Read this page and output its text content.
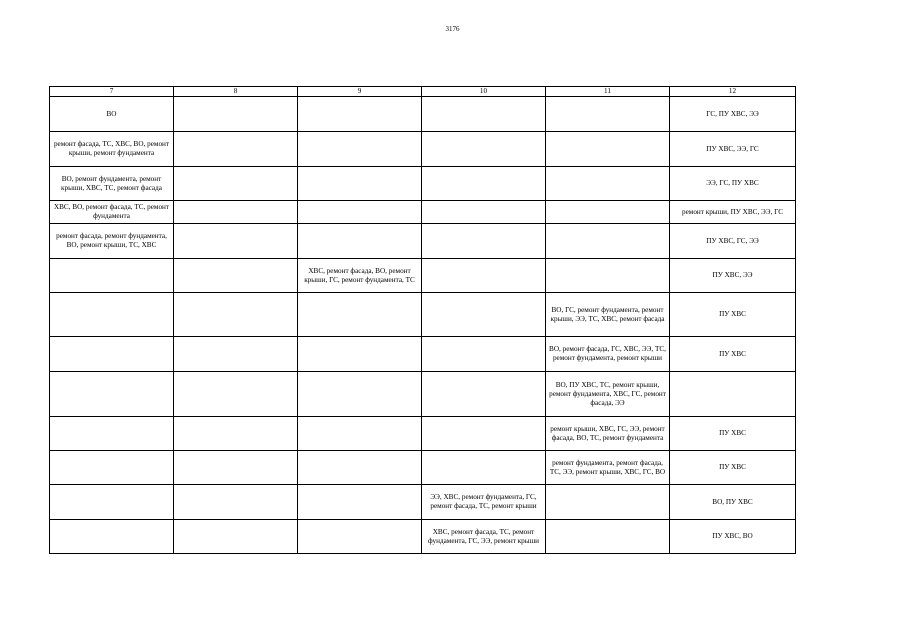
3176
7	8	9	10	11	12
ВО					ГС, ПУ ХВС, ЭЭ
ремонт фасада, ТС, ХВС, ВО, ремонт крыши, ремонт фундамента					ПУ ХВС, ЭЭ, ГС
ВО, ремонт фундамента, ремонт крыши, ХВС, ТС, ремонт фасада					ЭЭ, ГС, ПУ ХВС
ХВС, ВО, ремонт фасада, ТС, ремонт фундамента					ремонт крыши, ПУ ХВС, ЭЭ, ГС
ремонт фасада, ремонт фундамента, ВО, ремонт крыши, ТС, ХВС					ПУ ХВС, ГС, ЭЭ
		ХВС, ремонт фасада, ВО, ремонт крыши, ГС, ремонт фундамента, ТС			ПУ ХВС, ЭЭ
				ВО, ГС, ремонт фундамента, ремонт крыши, ЭЭ, ТС, ХВС, ремонт фасада	ПУ ХВС
				ВО, ремонт фасада, ГС, ХВС, ЭЭ, ТС, ремонт фундамента, ремонт крыши	ПУ ХВС
				ВО, ПУ ХВС, ТС, ремонт крыши, ремонт фундамента, ХВС, ГС, ремонт фасада, ЭЭ	
				ремонт крыши, ХВС, ГС, ЭЭ, ремонт фасада, ВО, ТС, ремонт фундамента	ПУ ХВС
				ремонт фундамента, ремонт фасада, ТС, ЭЭ, ремонт крыши, ХВС, ГС, ВО	ПУ ХВС
			ЭЭ, ХВС, ремонт фундамента, ГС, ремонт фасада, ТС, ремонт крыши		ВО, ПУ ХВС
			ХВС, ремонт фасада, ТС, ремонт фундамента, ГС, ЭЭ, ремонт крыши		ПУ ХВС, ВО
